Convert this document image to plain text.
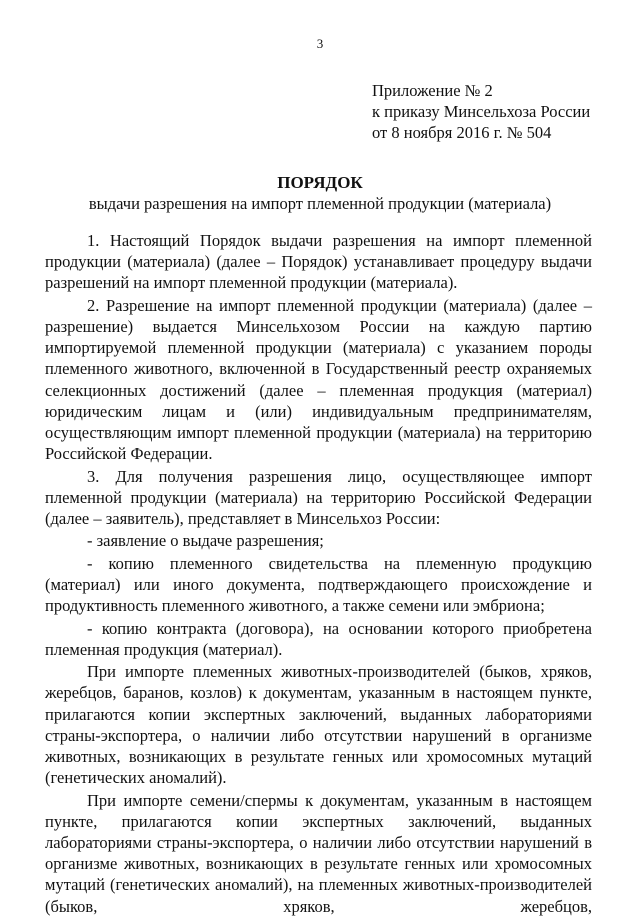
3
Приложение № 2
к приказу Минсельхоза России
от 8 ноября 2016 г. № 504
ПОРЯДОК
выдачи разрешения на импорт племенной продукции (материала)

1. Настоящий Порядок выдачи разрешения на импорт племенной продукции (материала) (далее – Порядок) устанавливает процедуру выдачи разрешений на импорт племенной продукции (материала).

2. Разрешение на импорт племенной продукции (материала) (далее – разрешение) выдается Минсельхозом России на каждую партию импортируемой племенной продукции (материала) с указанием породы племенного животного, включенной в Государственный реестр охраняемых селекционных достижений (далее – племенная продукция (материал) юридическим лицам и (или) индивидуальным предпринимателям, осуществляющим импорт племенной продукции (материала) на территорию Российской Федерации.

3. Для получения разрешения лицо, осуществляющее импорт племенной продукции (материала) на территорию Российской Федерации (далее – заявитель), представляет в Минсельхоз России:

- заявление о выдаче разрешения;

- копию племенного свидетельства на племенную продукцию (материал) или иного документа, подтверждающего происхождение и продуктивность племенного животного, а также семени или эмбриона;

- копию контракта (договора), на основании которого приобретена племенная продукция (материал).

При импорте племенных животных-производителей (быков, хряков, жеребцов, баранов, козлов) к документам, указанным в настоящем пункте, прилагаются копии экспертных заключений, выданных лабораториями страны-экспортера, о наличии либо отсутствии нарушений в организме животных, возникающих в результате генных или хромосомных мутаций (генетических аномалий).

При импорте семени/спермы к документам, указанным в настоящем пункте, прилагаются копии экспертных заключений, выданных лабораториями страны-экспортера, о наличии либо отсутствии нарушений в организме животных, возникающих в результате генных или хромосомных мутаций (генетических аномалий), на племенных животных-производителей (быков, хряков, жеребцов,
